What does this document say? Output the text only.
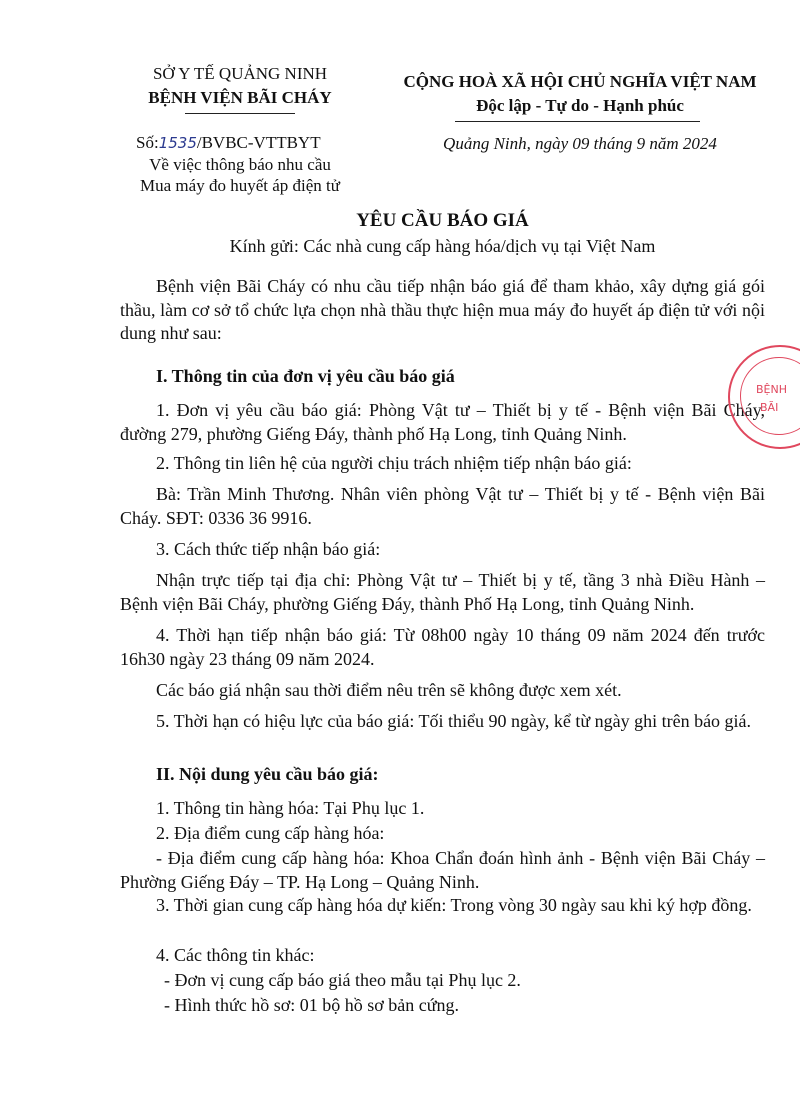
SỞ Y TẾ QUẢNG NINH
BỆNH VIỆN BÃI CHÁY
CỘNG HOÀ XÃ HỘI CHỦ NGHĨA VIỆT NAM
Độc lập - Tự do - Hạnh phúc
Số:1535/BVBC-VTTBYT
Về việc thông báo nhu cầu
Mua máy đo huyết áp điện tử
Quảng Ninh, ngày 09 tháng 9 năm 2024
YÊU CẦU BÁO GIÁ
Kính gửi: Các nhà cung cấp hàng hóa/dịch vụ tại Việt Nam
Bệnh viện Bãi Cháy có nhu cầu tiếp nhận báo giá để tham khảo, xây dựng giá gói thầu, làm cơ sở tổ chức lựa chọn nhà thầu thực hiện mua máy đo huyết áp điện tử với nội dung như sau:
I. Thông tin của đơn vị yêu cầu báo giá
1. Đơn vị yêu cầu báo giá: Phòng Vật tư – Thiết bị y tế - Bệnh viện Bãi Cháy, đường 279, phường Giếng Đáy, thành phố Hạ Long, tỉnh Quảng Ninh.
2. Thông tin liên hệ của người chịu trách nhiệm tiếp nhận báo giá:
Bà: Trần Minh Thương. Nhân viên phòng Vật tư – Thiết bị y tế - Bệnh viện Bãi Cháy. SĐT: 0336 36 9916.
3. Cách thức tiếp nhận báo giá:
Nhận trực tiếp tại địa chỉ: Phòng Vật tư – Thiết bị y tế, tầng 3 nhà Điều Hành – Bệnh viện Bãi Cháy, phường Giếng Đáy, thành Phố Hạ Long, tỉnh Quảng Ninh.
4. Thời hạn tiếp nhận báo giá: Từ 08h00 ngày 10 tháng 09 năm 2024 đến trước 16h30 ngày 23 tháng 09 năm 2024.
Các báo giá nhận sau thời điểm nêu trên sẽ không được xem xét.
5. Thời hạn có hiệu lực của báo giá: Tối thiểu 90 ngày, kể từ ngày ghi trên báo giá.
II. Nội dung yêu cầu báo giá:
1. Thông tin hàng hóa: Tại Phụ lục 1.
2. Địa điểm cung cấp hàng hóa:
- Địa điểm cung cấp hàng hóa: Khoa Chẩn đoán hình ảnh - Bệnh viện Bãi Cháy – Phường Giếng Đáy – TP. Hạ Long – Quảng Ninh.
3. Thời gian cung cấp hàng hóa dự kiến: Trong vòng 30 ngày sau khi ký hợp đồng.
4. Các thông tin khác:
- Đơn vị cung cấp báo giá theo mẫu tại Phụ lục 2.
- Hình thức hồ sơ: 01 bộ hồ sơ bản cứng.
BỆNH
BÃI
